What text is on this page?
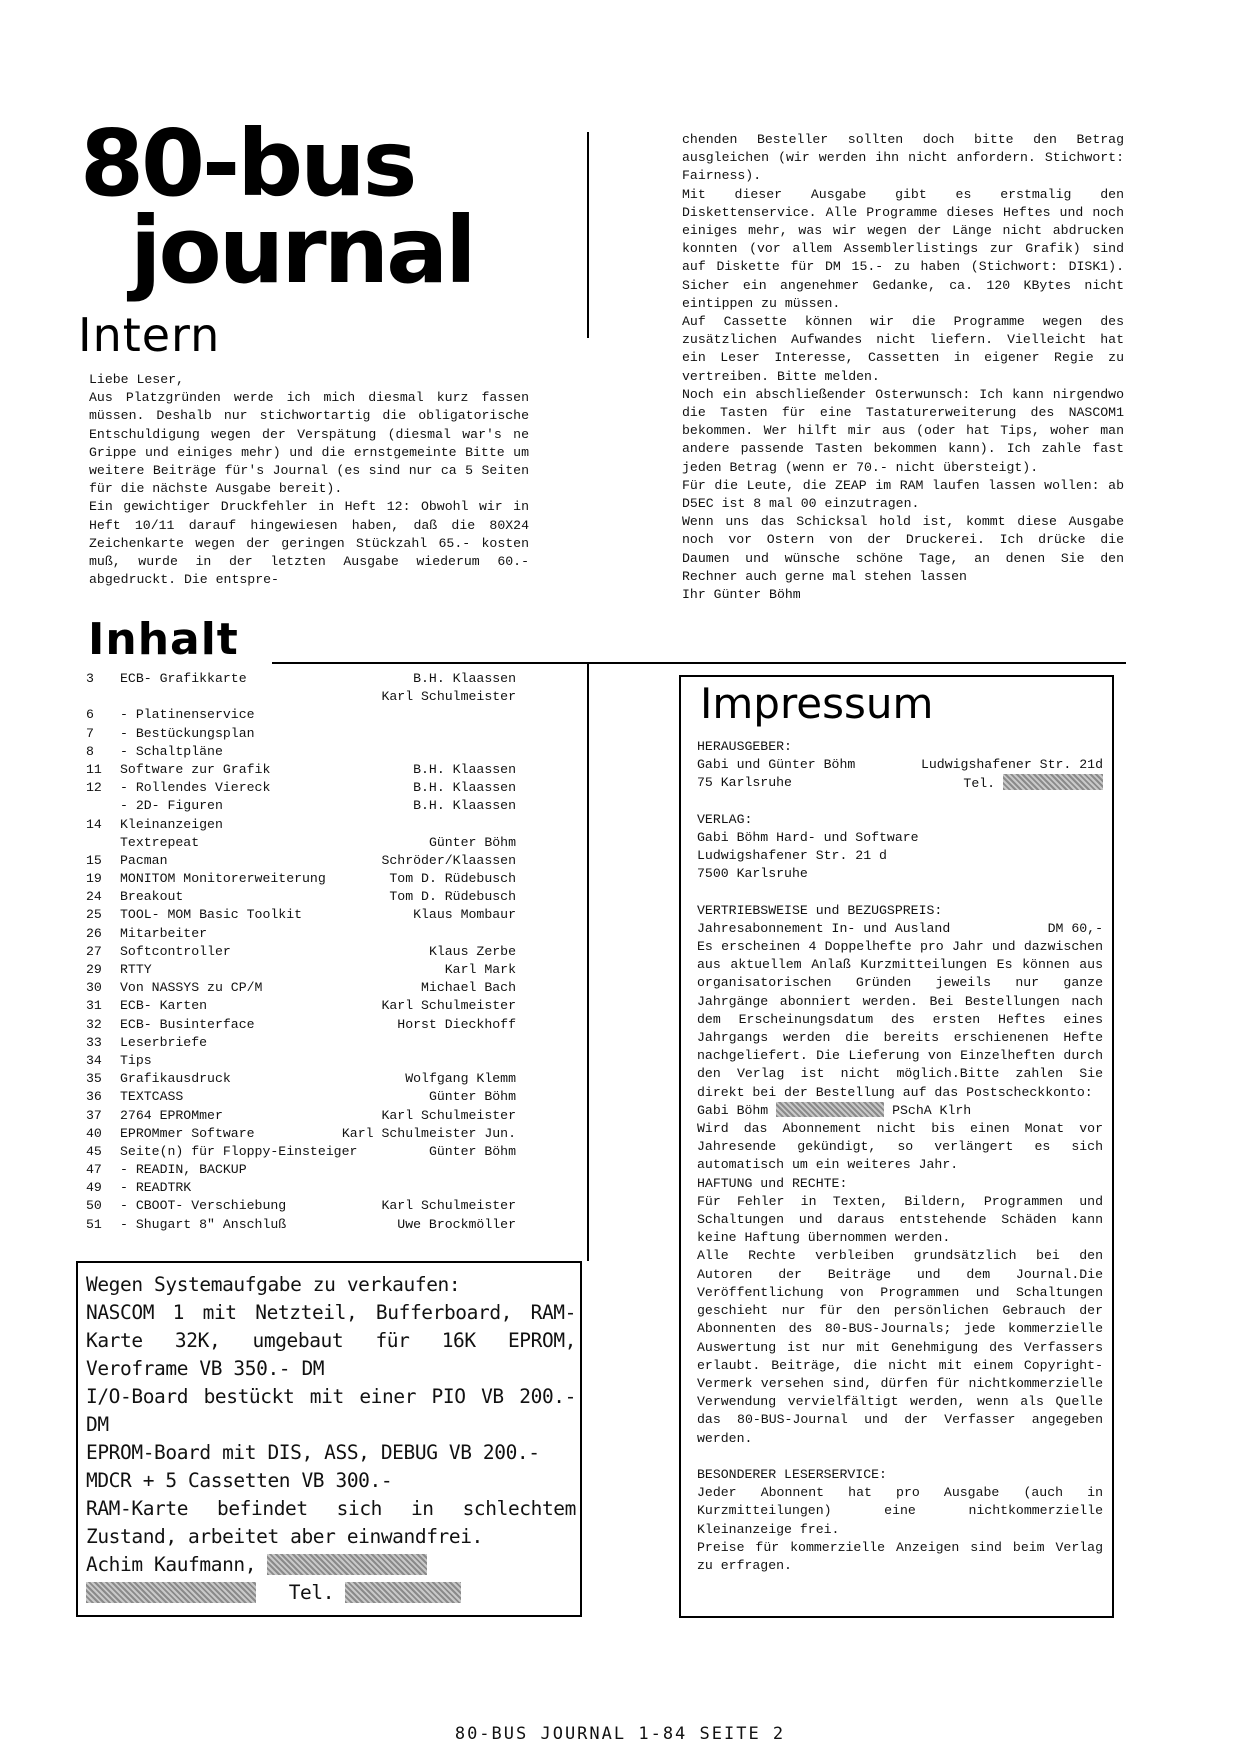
80-bus
journal
Intern

Liebe Leser,

Aus Platzgründen werde ich mich diesmal kurz fassen müssen. Deshalb nur stichwortartig die obligatorische Entschuldigung wegen der Verspätung (diesmal war's ne Grippe und einiges mehr) und die ernstgemeinte Bitte um weitere Beiträge für's Journal (es sind nur ca 5 Seiten für die nächste Ausgabe bereit).

Ein gewichtiger Druckfehler in Heft 12: Obwohl wir in Heft 10/11 darauf hingewiesen haben, daß die 80X24 Zeichenkarte wegen der geringen Stückzahl 65.- kosten muß, wurde in der letzten Ausgabe wiederum 60.- abgedruckt. Die entspre-

chenden Besteller sollten doch bitte den Betrag ausgleichen (wir werden ihn nicht anfordern. Stichwort: Fairness).

Mit dieser Ausgabe gibt es erstmalig den Diskettenservice. Alle Programme dieses Heftes und noch einiges mehr, was wir wegen der Länge nicht abdrucken konnten (vor allem Assemblerlistings zur Grafik) sind auf Diskette für DM 15.- zu haben (Stichwort: DISK1). Sicher ein angenehmer Gedanke, ca. 120 KBytes nicht eintippen zu müssen.

Auf Cassette können wir die Programme wegen des zusätzlichen Aufwandes nicht liefern. Vielleicht hat ein Leser Interesse, Cassetten in eigener Regie zu vertreiben. Bitte melden.

Noch ein abschließender Osterwunsch: Ich kann nirgendwo die Tasten für eine Tastaturerweiterung des NASCOM1 bekommen. Wer hilft mir aus (oder hat Tips, woher man andere passende Tasten bekommen kann). Ich zahle fast jeden Betrag (wenn er 70.- nicht übersteigt).

Für die Leute, die ZEAP im RAM laufen lassen wollen: ab D5EC ist 8 mal 00 einzutragen.

Wenn uns das Schicksal hold ist, kommt diese Ausgabe noch vor Ostern von der Druckerei. Ich drücke die Daumen und wünsche schöne Tage, an denen Sie den Rechner auch gerne mal stehen lassen

Ihr Günter Böhm

Inhalt
3	ECB- Grafikkarte	B.H. Klaassen
Karl Schulmeister
6	- Platinenservice
7	- Bestückungsplan
8	- Schaltpläne
11	Software zur Grafik	B.H. Klaassen
12	- Rollendes Viereck	B.H. Klaassen
- 2D- Figuren	B.H. Klaassen
14	Kleinanzeigen
Textrepeat	Günter Böhm
15	Pacman	Schröder/Klaassen
19	MONITOM Monitorerweiterung	Tom D. Rüdebusch
24	Breakout	Tom D. Rüdebusch
25	TOOL- MOM Basic Toolkit	Klaus Mombaur
26	Mitarbeiter
27	Softcontroller	Klaus Zerbe
29	RTTY	Karl Mark
30	Von NASSYS zu CP/M	Michael Bach
31	ECB- Karten	Karl Schulmeister
32	ECB- Businterface	Horst Dieckhoff
33	Leserbriefe
34	Tips
35	Grafikausdruck	Wolfgang Klemm
36	TEXTCASS	Günter Böhm
37	2764 EPROMmer	Karl Schulmeister
40	EPROMmer Software	Karl Schulmeister Jun.
45	Seite(n) für Floppy-Einsteiger	Günter Böhm
47	- READIN, BACKUP
49	- READTRK
50	- CBOOT- Verschiebung	Karl Schulmeister
51	- Shugart 8" Anschluß	Uwe Brockmöller

Wegen Systemaufgabe zu verkaufen:

NASCOM 1 mit Netzteil, Bufferboard, RAM-Karte 32K, umgebaut für 16K EPROM, Veroframe VB 350.- DM

I/O-Board bestückt mit einer PIO VB 200.- DM

EPROM-Board mit DIS, ASS, DEBUG VB 200.-

MDCR + 5 Cassetten VB 300.-

RAM-Karte befindet sich in schlechtem Zustand, arbeitet aber einwandfrei.

Achim Kaufmann,

Tel.

Impressum
HERAUSGEBER:
Gabi und Günter Böhm	Ludwigshafener Str. 21d
75 Karlsruhe	Tel.
VERLAG:
Gabi Böhm Hard- und Software
Ludwigshafener Str. 21 d
7500 Karlsruhe
VERTRIEBSWEISE und BEZUGSPREIS:
Jahresabonnement In- und Ausland	DM 60,-

Es erscheinen 4 Doppelhefte pro Jahr und dazwischen aus aktuellem Anlaß Kurzmitteilungen Es können aus organisatorischen Gründen jeweils nur ganze Jahrgänge abonniert werden. Bei Bestellungen nach dem Erscheinungsdatum des ersten Heftes eines Jahrgangs werden die bereits erschienenen Hefte nachgeliefert. Die Lieferung von Einzelheften durch den Verlag ist nicht möglich.Bitte zahlen Sie direkt bei der Bestellung auf das Postscheckkonto:

Gabi Böhm	PSchA Klrh

Wird das Abonnement nicht bis einen Monat vor Jahresende gekündigt, so verlängert es sich automatisch um ein weiteres Jahr.

HAFTUNG und RECHTE:

Für Fehler in Texten, Bildern, Programmen und Schaltungen und daraus entstehende Schäden kann keine Haftung übernommen werden.

Alle Rechte verbleiben grundsätzlich bei den Autoren der Beiträge und dem Journal.Die Veröffentlichung von Programmen und Schaltungen geschieht nur für den persönlichen Gebrauch der Abonnenten des 80-BUS-Journals; jede kommerzielle Auswertung ist nur mit Genehmigung des Verfassers erlaubt. Beiträge, die nicht mit einem Copyright- Vermerk versehen sind, dürfen für nichtkommerzielle Verwendung vervielfältigt werden, wenn als Quelle das 80-BUS-Journal und der Verfasser angegeben werden.

BESONDERER LESERSERVICE:

Jeder Abonnent hat pro Ausgabe (auch in Kurzmitteilungen) eine nichtkommerzielle Kleinanzeige frei.

Preise für kommerzielle Anzeigen sind beim Verlag zu erfragen.

80-BUS JOURNAL 1-84 SEITE 2
